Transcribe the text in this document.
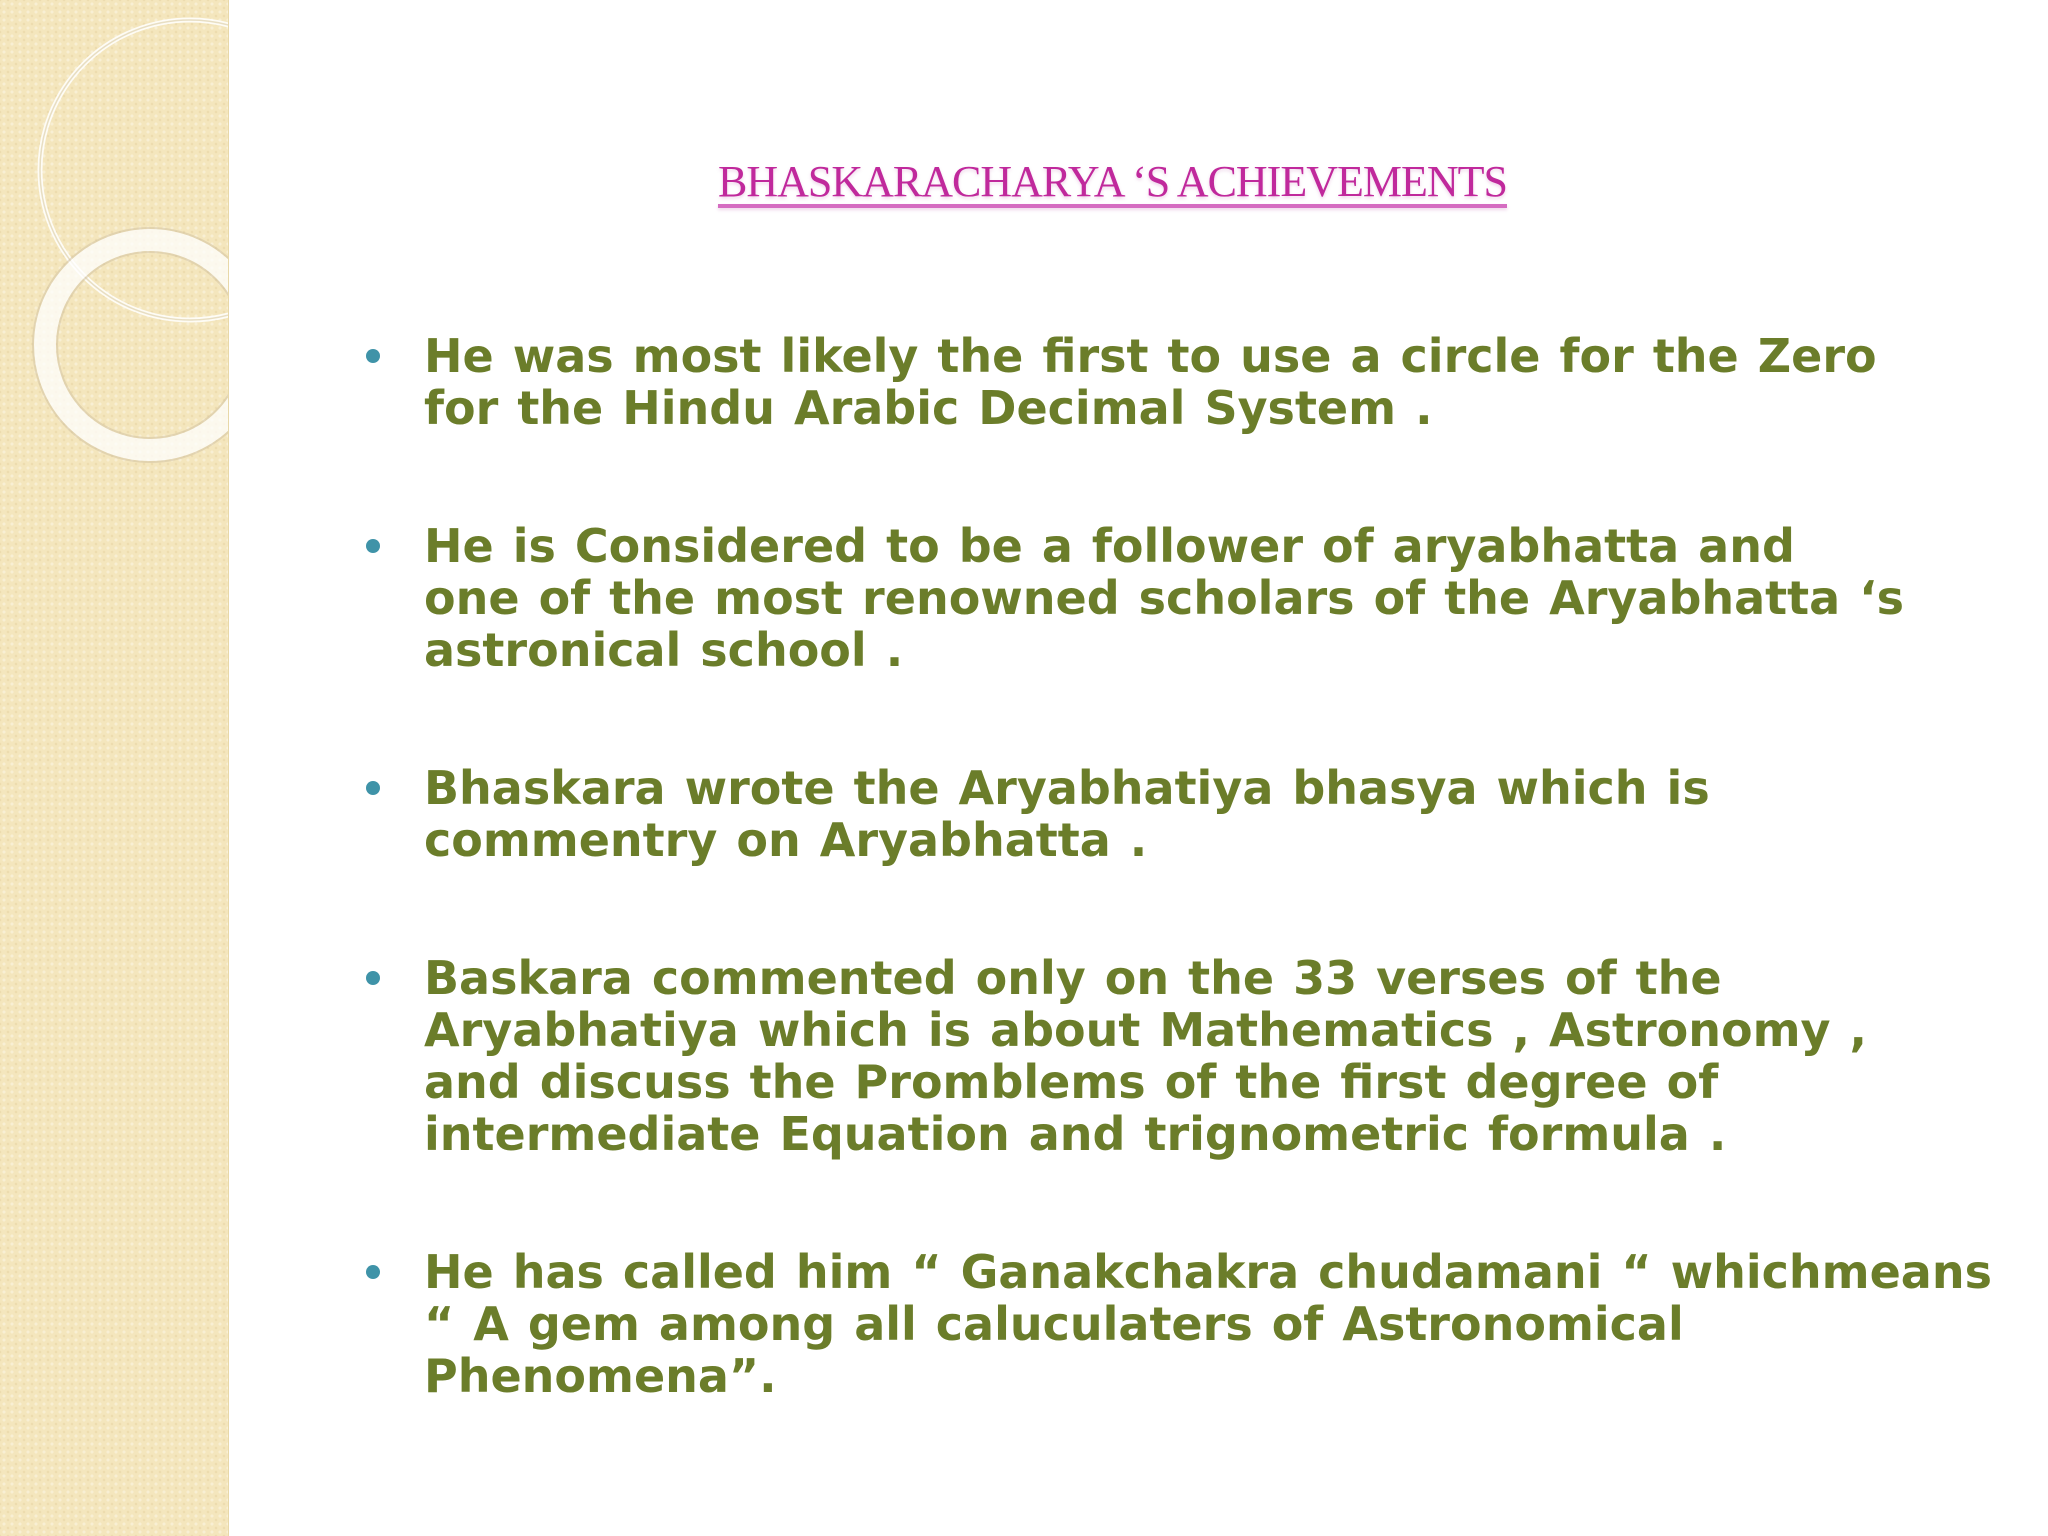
BHASKARACHARYA ‘S ACHIEVEMENTS
He was most likely the first to use a circle for the Zero
for the Hindu Arabic Decimal System .
He is Considered to be a follower of aryabhatta and
one of the most renowned scholars of the Aryabhatta ‘s
astronical school .
Bhaskara wrote the Aryabhatiya bhasya which is
commentry on Aryabhatta .
Baskara commented only on the 33 verses of the
Aryabhatiya which is about Mathematics , Astronomy ,
and discuss the Promblems of the first degree of
intermediate Equation and trignometric formula .
He has called him “ Ganakchakra chudamani “ whichmeans
“ A gem among all caluculaters of Astronomical
Phenomena”.
